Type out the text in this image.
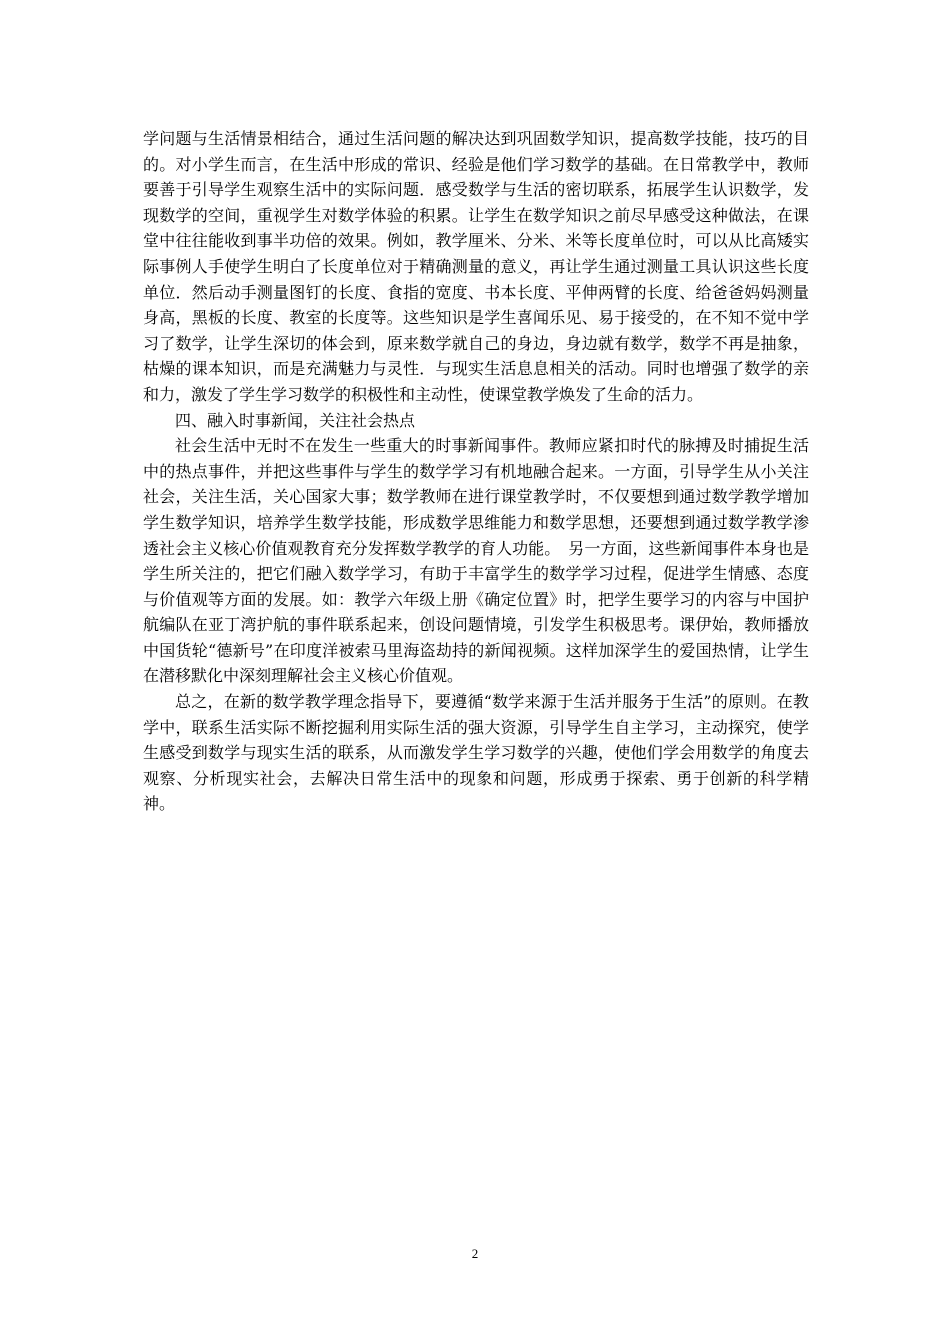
学问题与生活情景相结合，通过生活问题的解决达到巩固数学知识，提高数学技能，技巧的目的。对小学生而言，在生活中形成的常识、经验是他们学习数学的基础。在日常教学中，教师要善于引导学生观察生活中的实际问题．感受数学与生活的密切联系，拓展学生认识数学，发现数学的空间，重视学生对数学体验的积累。让学生在数学知识之前尽早感受这种做法，在课堂中往往能收到事半功倍的效果。例如，教学厘米、分米、米等长度单位时，可以从比高矮实际事例人手使学生明白了长度单位对于精确测量的意义，再让学生通过测量工具认识这些长度单位．然后动手测量图钉的长度、食指的宽度、书本长度、平伸两臂的长度、给爸爸妈妈测量身高，黑板的长度、教室的长度等。这些知识是学生喜闻乐见、易于接受的，在不知不觉中学习了数学，让学生深切的体会到，原来数学就自己的身边，身边就有数学，数学不再是抽象，枯燥的课本知识，而是充满魅力与灵性．与现实生活息息相关的活动。同时也增强了数学的亲和力，激发了学生学习数学的积极性和主动性，使课堂教学焕发了生命的活力。

四、融入时事新闻，关注社会热点

社会生活中无时不在发生一些重大的时事新闻事件。教师应紧扣时代的脉搏及时捕捉生活中的热点事件，并把这些事件与学生的数学学习有机地融合起来。一方面，引导学生从小关注社会，关注生活，关心国家大事；数学教师在进行课堂教学时，不仅要想到通过数学教学增加学生数学知识，培养学生数学技能，形成数学思维能力和数学思想，还要想到通过数学教学渗透社会主义核心价值观教育充分发挥数学教学的育人功能。　另一方面，这些新闻事件本身也是学生所关注的，把它们融入数学学习，有助于丰富学生的数学学习过程，促进学生情感、态度与价值观等方面的发展。如：教学六年级上册《确定位置》时，把学生要学习的内容与中国护航编队在亚丁湾护航的事件联系起来，创设问题情境，引发学生积极思考。课伊始，教师播放中国货轮“德新号”在印度洋被索马里海盗劫持的新闻视频。这样加深学生的爱国热情，让学生在潜移默化中深刻理解社会主义核心价值观。

总之，在新的数学教学理念指导下，要遵循“数学来源于生活并服务于生活”的原则。在教学中，联系生活实际不断挖掘利用实际生活的强大资源，引导学生自主学习，主动探究，使学生感受到数学与现实生活的联系，从而激发学生学习数学的兴趣，使他们学会用数学的角度去观察、分析现实社会，去解决日常生活中的现象和问题，形成勇于探索、勇于创新的科学精神。

2
